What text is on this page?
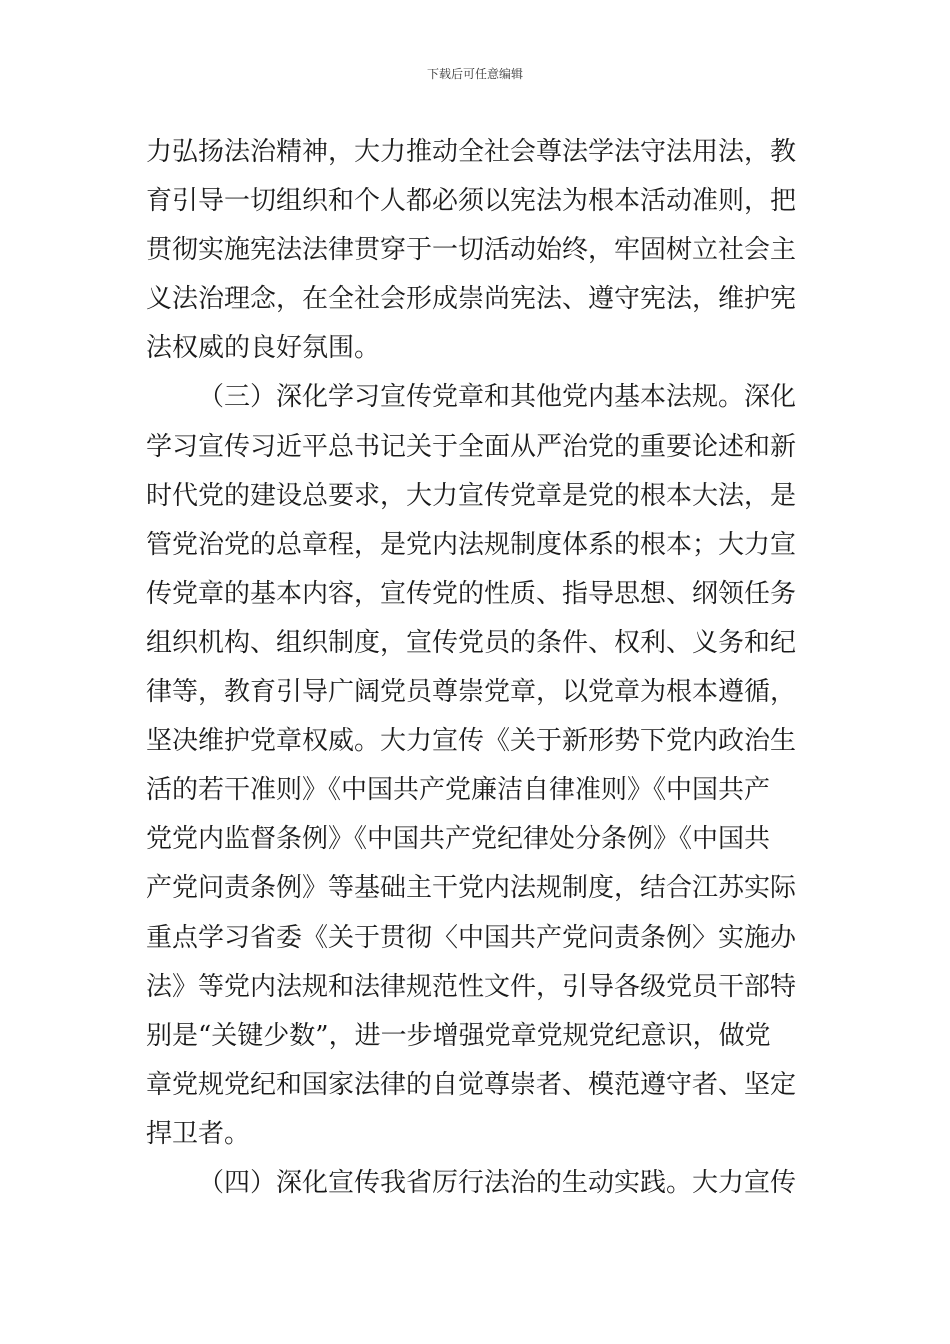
下载后可任意编辑
力弘扬法治精神，大力推动全社会尊法学法守法用法，教
育引导一切组织和个人都必须以宪法为根本活动准则，把
贯彻实施宪法法律贯穿于一切活动始终，牢固树立社会主
义法治理念，在全社会形成崇尚宪法、遵守宪法，维护宪
法权威的良好氛围。
（三）深化学习宣传党章和其他党内基本法规。深化
学习宣传习近平总书记关于全面从严治党的重要论述和新
时代党的建设总要求，大力宣传党章是党的根本大法，是
管党治党的总章程，是党内法规制度体系的根本；大力宣
传党章的基本内容，宣传党的性质、指导思想、纲领任务
组织机构、组织制度，宣传党员的条件、权利、义务和纪
律等，教育引导广阔党员尊崇党章，以党章为根本遵循，
坚决维护党章权威。大力宣传《关于新形势下党内政治生
活的若干准则》《中国共产党廉洁自律准则》《中国共产
党党内监督条例》《中国共产党纪律处分条例》《中国共
产党问责条例》等基础主干党内法规制度，结合江苏实际
重点学习省委《关于贯彻〈中国共产党问责条例〉实施办
法》等党内法规和法律规范性文件，引导各级党员干部特
别是“关键少数”，进一步增强党章党规党纪意识，做党
章党规党纪和国家法律的自觉尊崇者、模范遵守者、坚定
捍卫者。
（四）深化宣传我省厉行法治的生动实践。大力宣传
